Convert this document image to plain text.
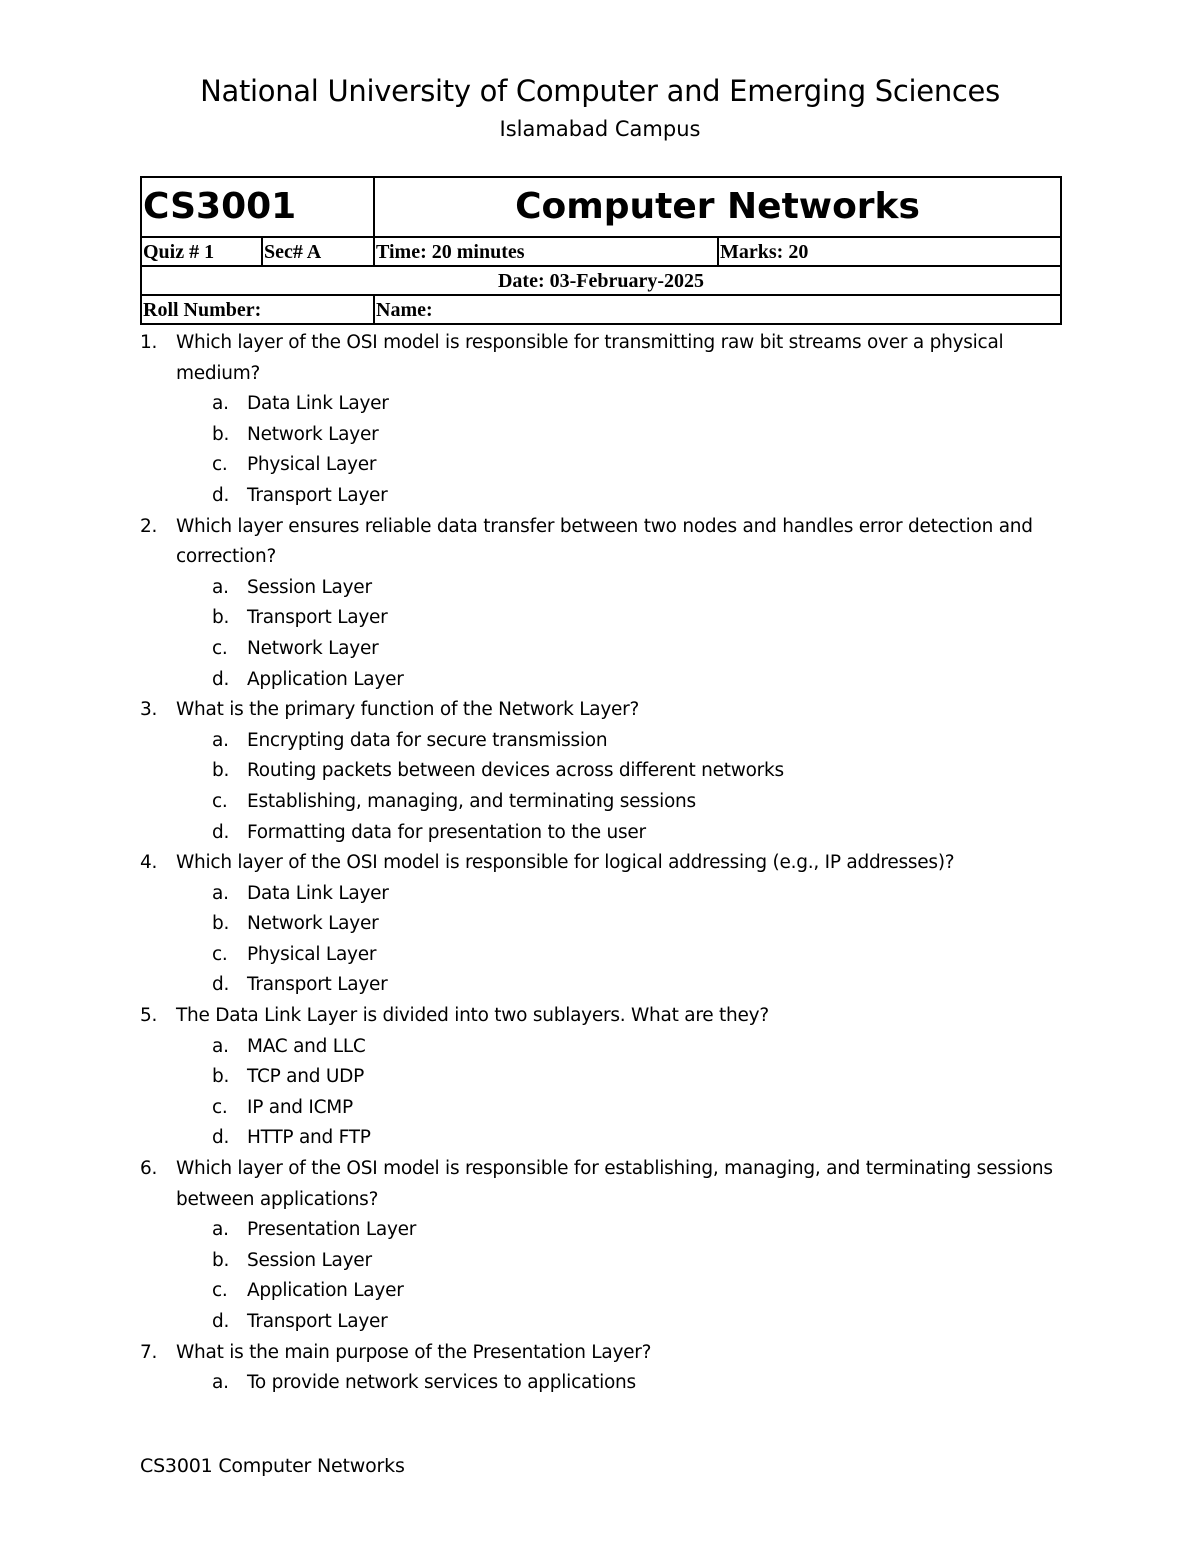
National University of Computer and Emerging Sciences
Islamabad Campus
CS3001		Computer Networks	
Quiz # 1	Sec# A	Time: 20 minutes	Marks: 20
Date: 03-February-2025			
Roll Number:		Name:	
1.	Which layer of the OSI model is responsible for transmitting raw bit streams over a physical medium?
a. Data Link Layer
b. Network Layer
c.	Physical Layer
d. Transport Layer
2.	Which layer ensures reliable data transfer between two nodes and handles error detection and correction?
a. Session Layer
b. Transport Layer
c.	Network Layer
d. Application Layer
3.	What is the primary function of the Network Layer?
a. Encrypting data for secure transmission
b. Routing packets between devices across different networks
c.	Establishing, managing, and terminating sessions
d. Formatting data for presentation to the user
4.	Which layer of the OSI model is responsible for logical addressing (e.g., IP addresses)?
a. Data Link Layer
b. Network Layer
c.	Physical Layer
d. Transport Layer
5.	The Data Link Layer is divided into two sublayers. What are they?
a. MAC and LLC
b. TCP and UDP
c.	IP and ICMP
d. HTTP and FTP
6.	Which layer of the OSI model is responsible for establishing, managing, and terminating sessions between applications?
a. Presentation Layer
b. Session Layer
c.	Application Layer
d. Transport Layer
7.	What is the main purpose of the Presentation Layer?
a. To provide network services to applications
CS3001 Computer Networks
